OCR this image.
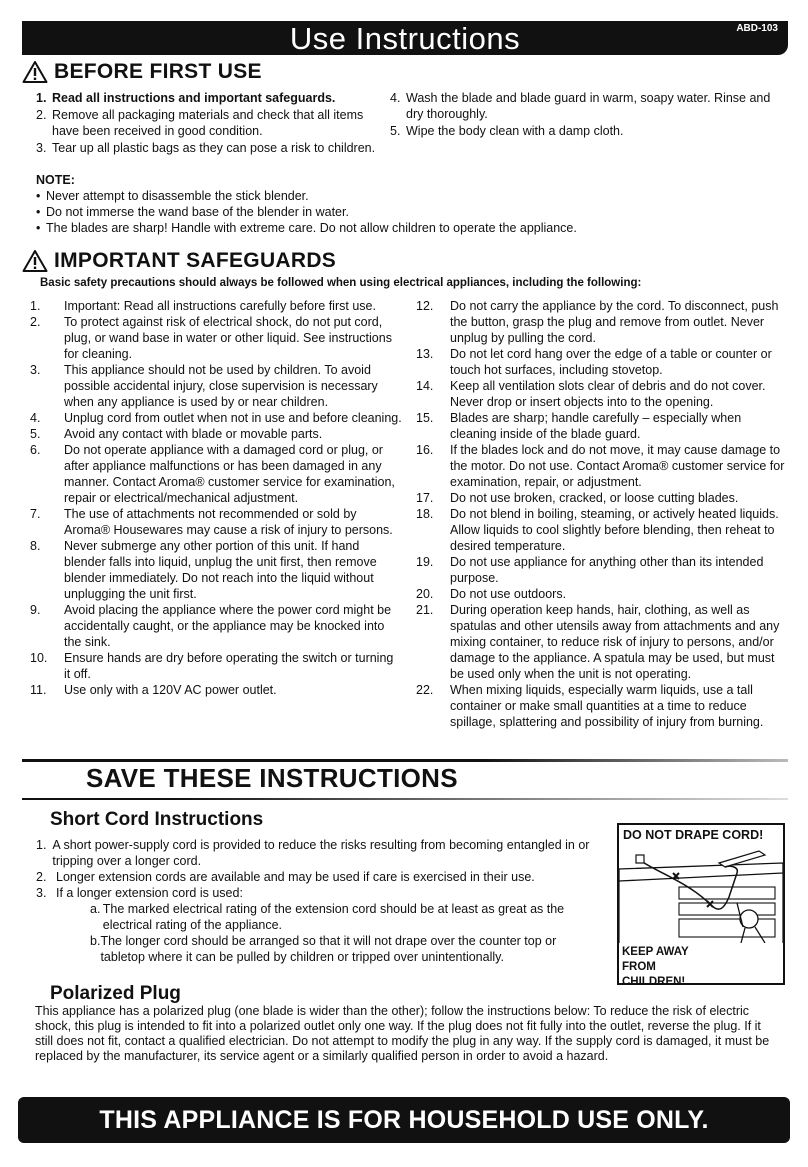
Use Instructions	ABD-103
BEFORE FIRST USE
1. Read all instructions and important safeguards.
2. Remove all packaging materials and check that all items have been received in good condition.
3. Tear up all plastic bags as they can pose a risk to children.
4. Wash the blade and blade guard in warm, soapy water. Rinse and dry thoroughly.
5. Wipe the body clean with a damp cloth.
NOTE:
• Never attempt to disassemble the stick blender.
• Do not immerse the wand base of the blender in water.
• The blades are sharp! Handle with extreme care. Do not allow children to operate the appliance.
IMPORTANT SAFEGUARDS
Basic safety precautions should always be followed when using electrical appliances, including the following:
1.	Important: Read all instructions carefully before first use.
2.	To protect against risk of electrical shock, do not put cord, plug, or wand base in water or other liquid. See instructions for cleaning.
3.	This appliance should not be used by children. To avoid possible accidental injury, close supervision is necessary when any appliance is used by or near children.
4.	Unplug cord from outlet when not in use and before cleaning.
5.	Avoid any contact with blade or movable parts.
6.	Do not operate appliance with a damaged cord or plug, or after appliance malfunctions or has been damaged in any manner. Contact Aroma® customer service for examination, repair or electrical/mechanical adjustment.
7.	The use of attachments not recommended or sold by Aroma® Housewares may cause a risk of injury to persons.
8.	Never submerge any other portion of this unit. If hand blender falls into liquid, unplug the unit first, then remove blender immediately. Do not reach into the liquid without unplugging the unit first.
9.	Avoid placing the appliance where the power cord might be accidentally caught, or the appliance may be knocked into the sink.
10.	Ensure hands are dry before operating the switch or turning it off.
11.	Use only with a 120V AC power outlet.
12.	Do not carry the appliance by the cord. To disconnect, push the button, grasp the plug and remove from outlet. Never unplug by pulling the cord.
13.	Do not let cord hang over the edge of a table or counter or touch hot surfaces, including stovetop.
14.	Keep all ventilation slots clear of debris and do not cover. Never drop or insert objects into to the opening.
15.	Blades are sharp; handle carefully – especially when cleaning inside of the blade guard.
16.	If the blades lock and do not move, it may cause damage to the motor. Do not use. Contact Aroma® customer service for examination, repair, or adjustment.
17.	Do not use broken, cracked, or loose cutting blades.
18.	Do not blend in boiling, steaming, or actively heated liquids. Allow liquids to cool slightly before blending, then reheat to desired temperature.
19.	Do not use appliance for anything other than its intended purpose.
20.	Do not use outdoors.
21.	During operation keep hands, hair, clothing, as well as spatulas and other utensils away from attachments and any mixing container, to reduce risk of injury to persons, and/or damage to the appliance. A spatula may be used, but must be used only when the unit is not operating.
22.	When mixing liquids, especially warm liquids, use a tall container or make small quantities at a time to reduce spillage, splattering and possibility of injury from burning.
SAVE THESE INSTRUCTIONS
Short Cord Instructions
1. A short power-supply cord is provided to reduce the risks resulting from becoming entangled in or tripping over a longer cord.
2. Longer extension cords are available and may be used if care is exercised in their use.
3. If a longer extension cord is used:
a. The marked electrical rating of the extension cord should be at least as great as the electrical rating of the appliance.
b. The longer cord should be arranged so that it will not drape over the counter top or tabletop where it can be pulled by children or tripped over unintentionally.
DO NOT DRAPE CORD!
KEEP AWAY FROM CHILDREN!
Polarized Plug
This appliance has a polarized plug (one blade is wider than the other); follow the instructions below: To reduce the risk of electric shock, this plug is intended to fit into a polarized outlet only one way. If the plug does not fit fully into the outlet, reverse the plug. If it still does not fit, contact a qualified electrician. Do not attempt to modify the plug in any way. If the supply cord is damaged, it must be replaced by the manufacturer, its service agent or a similarly qualified person in order to avoid a hazard.
THIS APPLIANCE IS FOR HOUSEHOLD USE ONLY.
